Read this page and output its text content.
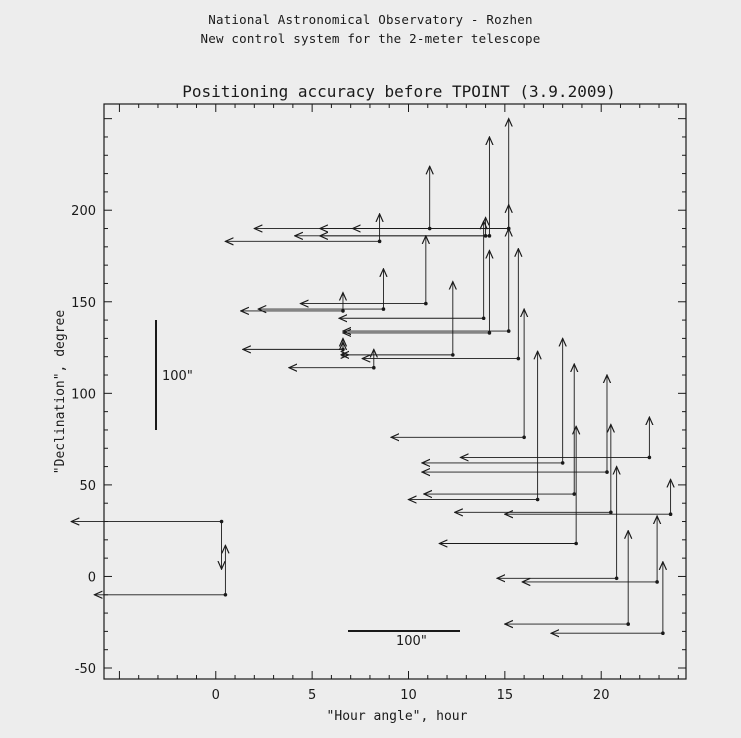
National Astronomical Observatory - Rozhen
New control system for the 2-meter telescope
Positioning accuracy before TPOINT (3.9.2009)
0	5	10	15	20
-50
0
50
100
150
200
100"
100"
"Hour angle", hour
"Declination", degree
